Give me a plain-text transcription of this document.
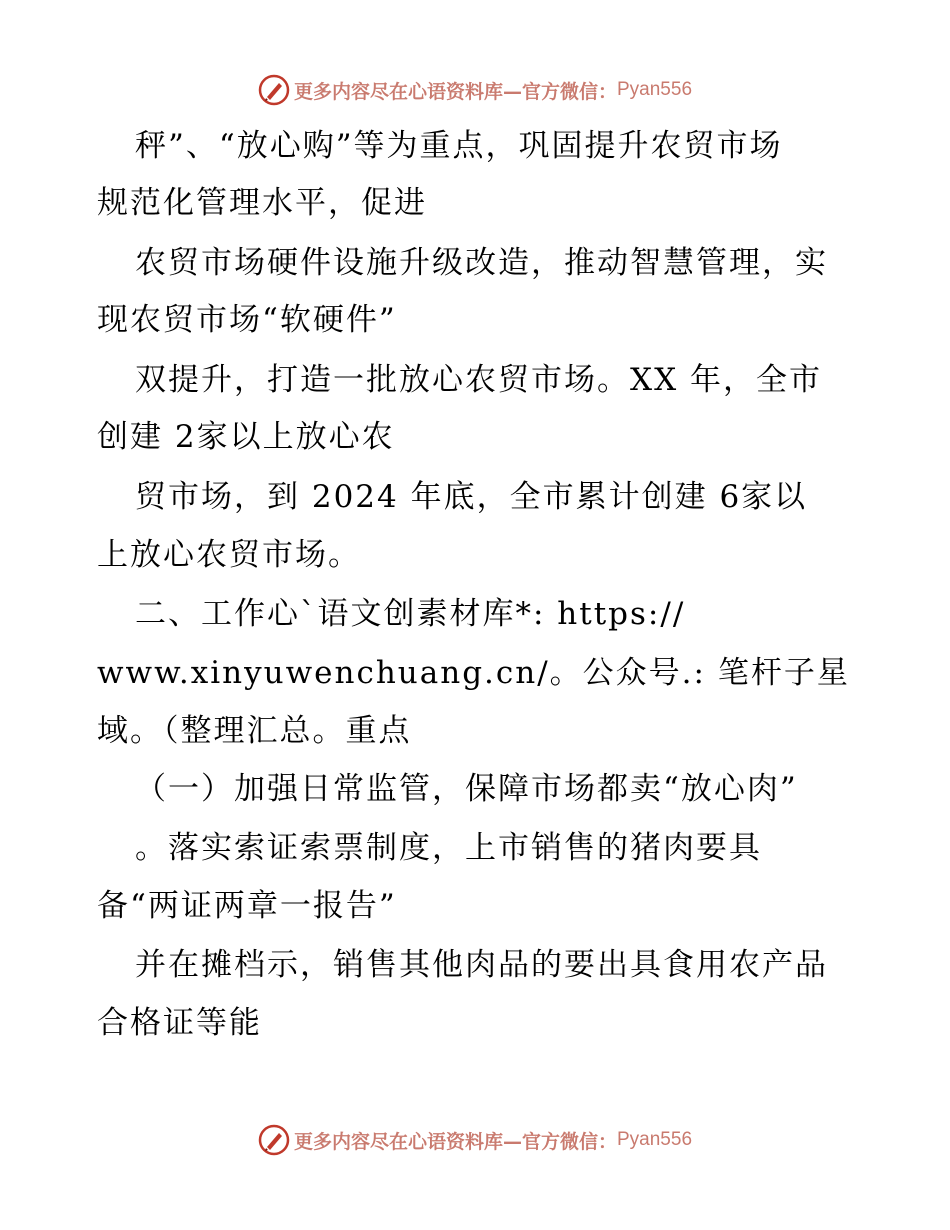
更多内容尽在心语资料库—官方微信： Pyan556
秤”、“放心购”等为重点，巩固提升农贸市场
规范化管理水平，促进
农贸市场硬件设施升级改造，推动智慧管理，实
现农贸市场“软硬件”
双提升，打造一批放心农贸市场。XX 年，全市
创建 2家以上放心农
贸市场，到 2024 年底，全市累计创建 6家以
上放心农贸市场。
二、工作心`语文创素材库*: https://
www.xinyuwenchuang.cn/。公众号.: 笔杆子星
域。（整理汇总。重点
（一）加强日常监管，保障市场都卖“放心肉”
。落实索证索票制度，上市销售的猪肉要具
备“两证两章一报告”
并在摊档示，销售其他肉品的要出具食用农产品
合格证等能
更多内容尽在心语资料库—官方微信： Pyan556
